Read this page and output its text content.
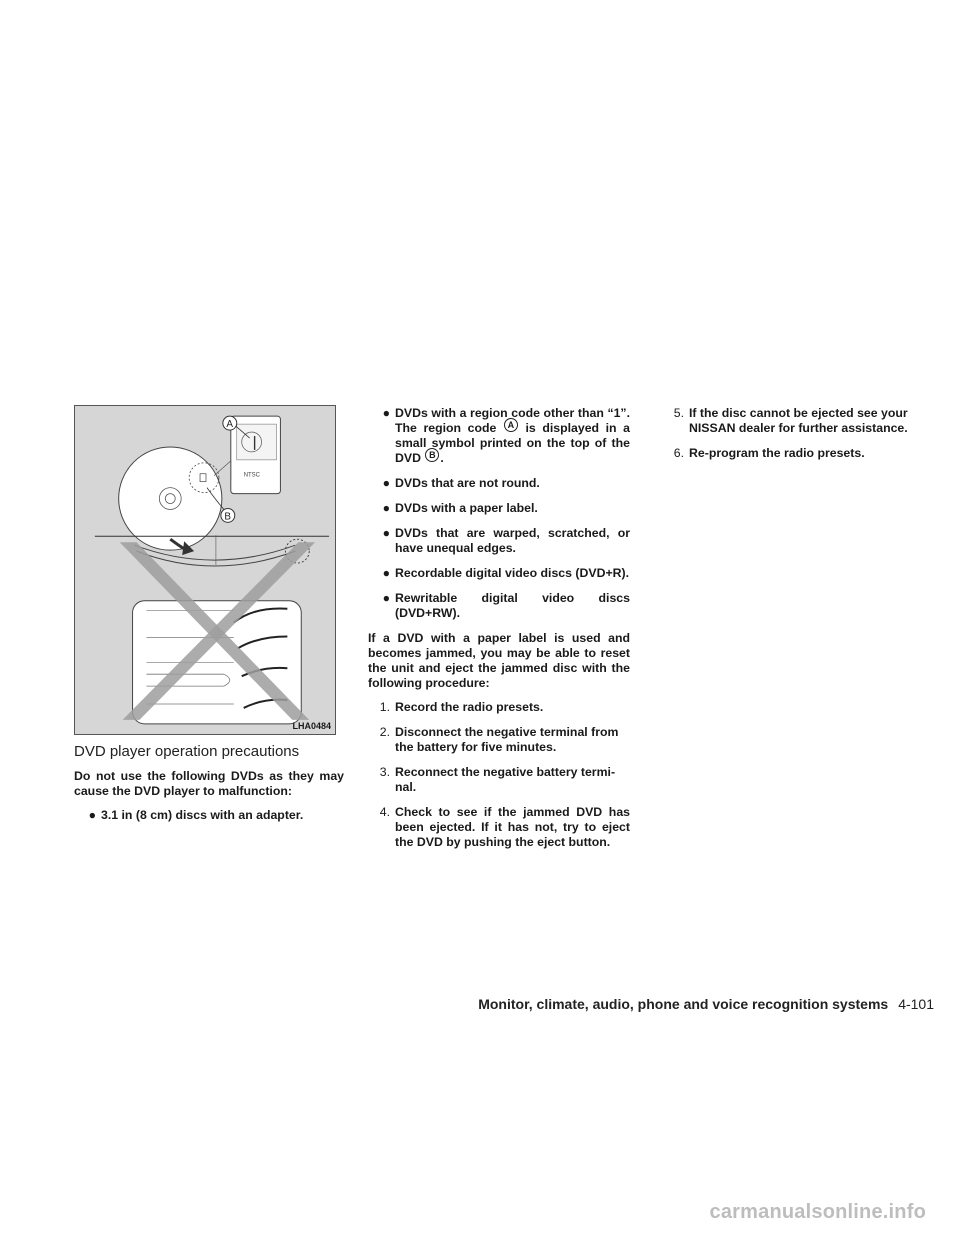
NTSC
A
B
LHA0484
DVD player operation precautions

Do not use the following DVDs as they may cause the DVD player to malfunction:

● 3.1 in (8 cm) discs with an adapter.
● DVDs with a region code other than “1”. The region code A is displayed in a small symbol printed on the top of the DVD B .
● DVDs that are not round.
● DVDs with a paper label.
● DVDs that are warped, scratched, or have unequal edges.
● Recordable digital video discs (DVD+R).
● Rewritable digital video discs (DVD+RW).

If a DVD with a paper label is used and becomes jammed, you may be able to reset the unit and eject the jammed disc with the following procedure:

1. Record the radio presets.
2. Disconnect the negative terminal from the battery for five minutes.
3. Reconnect the negative battery termi-nal.
4. Check to see if the jammed DVD has been ejected. If it has not, try to eject the DVD by pushing the eject button.
5. If the disc cannot be ejected see your NISSAN dealer for further assistance.
6. Re-program the radio presets.
Monitor, climate, audio, phone and voice recognition systems 4-101
carmanualsonline.info
